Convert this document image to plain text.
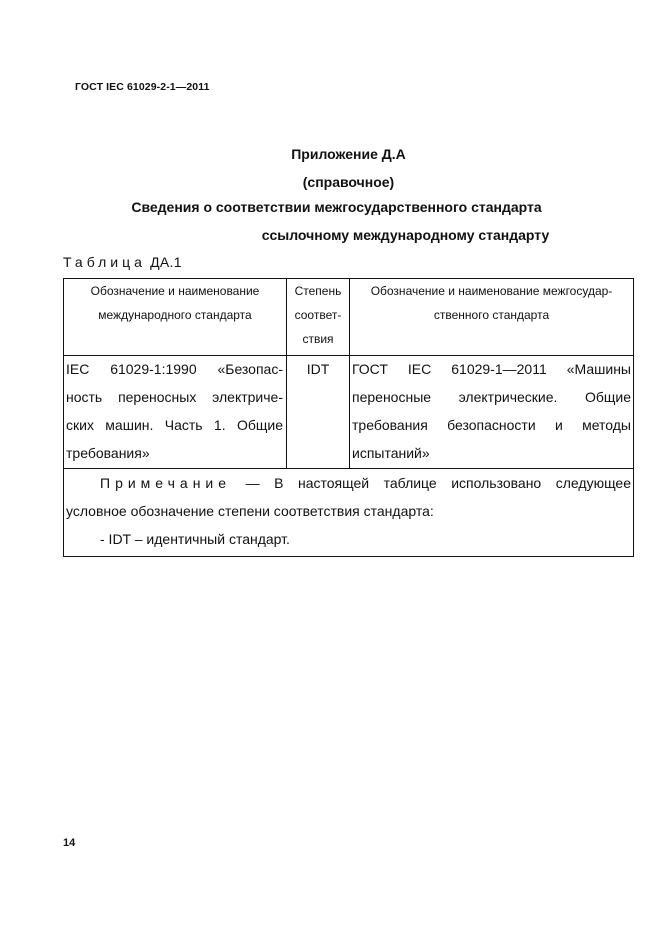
ГОСТ IEC 61029-2-1—2011
Приложение Д.А
(справочное)
Сведения о соответствии межгосударственного стандарта
ссылочному международному стандарту
Таблица ДА.1
Обозначение и наименование
международного стандарта
Степень
соответ-
ствия
Обозначение и наименование межгосудар-
ственного стандарта
IEC 61029-1:1990 «Безопас-
ность переносных электриче-
ских машин. Часть 1. Общие
требования»
IDT	ГОСТ IEC 61029-1—2011 «Машины
переносные электрические. Общие
требования безопасности и методы
испытаний»
Примечание — В настоящей таблице использовано следующее
условное обозначение степени соответствия стандарта:
- IDT – идентичный стандарт.
14
